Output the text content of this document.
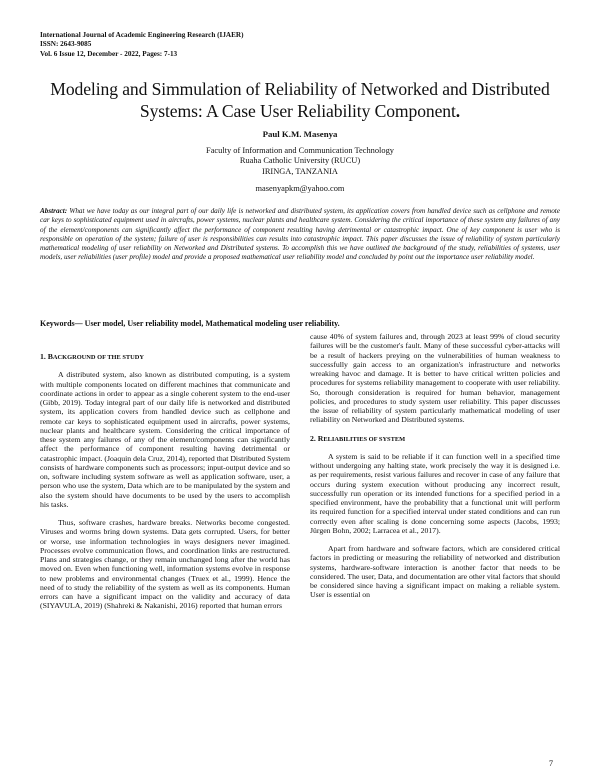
International Journal of Academic Engineering Research (IJAER)
ISSN: 2643-9085
Vol. 6 Issue 12, December - 2022, Pages: 7-13
Modeling and Simmulation of Reliability of Networked and Distributed Systems: A Case User Reliability Component.
Paul K.M. Masenya
Faculty of Information and Communication Technology
Ruaha Catholic University (RUCU)
IRINGA, TANZANIA
masenyapkm@yahoo.com
Abstract: What we have today as our integral part of our daily life is networked and distributed system, its application covers from handled device such as cellphone and remote car keys to sophisticated equipment used in aircrafts, power systems, nuclear plants and healthcare system. Considering the critical importance of these system any failures of any of the element/components can significantly affect the performance of component resulting having detrimental or catastrophic impact. One of key component is user who is responsible on operation of the system; failure of user is responsibilities can results into catastrophic impact. This paper discusses the issue of reliability of system particularly mathematical modeling of user reliability on Networked and Distributed systems. To accomplish this we have outlined the background of the study, reliabilities of systems, user models, user reliabilities (user profile) model and provide a proposed mathematical user reliability model and concluded by point out the importance user reliability model.
Keywords— User model, User reliability model, Mathematical modeling user reliability.
1. BACKGROUND OF THE STUDY

A distributed system, also known as distributed computing, is a system with multiple components located on different machines that communicate and coordinate actions in order to appear as a single coherent system to the end-user (Gibb, 2019). Today integral part of our daily life is networked and distributed system, its application covers from handled device such as cellphone and remote car keys to sophisticated equipment used in aircrafts, power systems, nuclear plants and healthcare system. Considering the critical importance of these system any failures of any of the element/components can significantly affect the performance of component resulting having detrimental or catastrophic impact. (Joaquin dela Cruz, 2014), reported that Distributed System consists of hardware components such as processors; input-output device and so on, software including system software as well as application software, user, a person who use the system, Data which are to be manipulated by the system and also the system should have documents to be used by the users to accomplish his tasks.

Thus, software crashes, hardware breaks. Networks become congested. Viruses and worms bring down systems. Data gets corrupted. Users, for better or worse, use information technologies in ways designers never imagined. Processes evolve communication flows, and coordination links are restructured. Plans and strategies change, or they remain unchanged long after the world has moved on. Even when functioning well, information systems evolve in response to new problems and environmental changes (Truex et al., 1999). Hence the need of to study the reliability of the system as well as its components. Human errors can have a significant impact on the validity and accuracy of data (SIYAVULA, 2019) (Shahreki & Nakanishi, 2016) reported that human errors

cause 40% of system failures and, through 2023 at least 99% of cloud security failures will be the customer's fault. Many of these successful cyber-attacks will be a result of hackers preying on the vulnerabilities of human weakness to successfully gain access to an organization's infrastructure and networks wreaking havoc and damage. It is better to have critical written policies and procedures for systems reliability management to cooperate with user reliability. So, thorough consideration is required for human behavior, management policies, and procedures to study system user reliability. This paper discusses the issue of reliability of system particularly mathematical modeling of user reliability on Networked and Distributed systems.

2. RELIABILITIES OF SYSTEM

A system is said to be reliable if it can function well in a specified time without undergoing any halting state, work precisely the way it is designed i.e. as per requirements, resist various failures and recover in case of any failure that occurs during system execution without producing any incorrect result, successfully run operation or its intended functions for a specified period in a specified environment, have the probability that a functional unit will perform its required function for a specified interval under stated conditions and can run correctly even after scaling is done concerning some aspects (Jacobs, 1993; Jürgen Bohn, 2002; Larracea et al., 2017).

Apart from hardware and software factors, which are considered critical factors in predicting or measuring the reliability of networked and distribution systems, hardware-software interaction is another factor that needs to be considered. The user, Data, and documentation are other vital factors that should be considered since having a significant impact on making a reliable system. User is essential on

7
